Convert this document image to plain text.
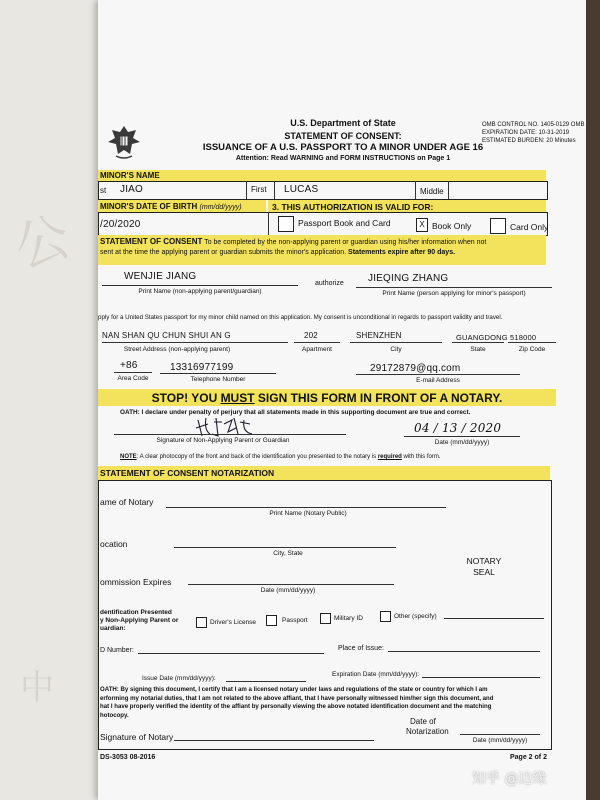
公
中
U.S. Department of State
STATEMENT OF CONSENT:
ISSUANCE OF A U.S. PASSPORT TO A MINOR UNDER AGE 16
Attention: Read WARNING and FORM INSTRUCTIONS on Page 1
OMB CONTROL NO. 1405-0129 OMB
EXPIRATION DATE: 10-31-2019
ESTIMATED BURDEN: 20 Minutes
MINOR'S NAME
st JIAO	First LUCAS	Middle
MINOR'S DATE OF BIRTH (mm/dd/yyyy)	3. THIS AUTHORIZATION IS VALID FOR:
/20/2020	Passport Book and Card	X Book Only	Card Only
STATEMENT OF CONSENT To be completed by the non-applying parent or guardian using his/her information when not
sent at the time the applying parent or guardian submits the minor's application. Statements expire after 90 days.
WENJIE JIANG
Print Name (non-applying parent/guardian)
authorize JIEQING ZHANG
Print Name (person applying for minor's passport)
pply for a United States passport for my minor child named on this application. My consent is unconditional in regards to passport validity and travel.
NAN SHAN QU CHUN SHUI AN G
Street Address (non-applying parent)
202
Apartment
SHENZHEN
City
GUANGDONG
State
518000
Zip Code
+86
Area Code
13316977199
Telephone Number
29172879@qq.com
E-mail Address
STOP! YOU MUST SIGN THIS FORM IN FRONT OF A NOTARY.
OATH: I declare under penalty of perjury that all statements made in this supporting document are true and correct.
Signature of Non-Applying Parent or Guardian
04 / 13 / 2020
Date (mm/dd/yyyy)
NOTE: A clear photocopy of the front and back of the identification you presented to the notary is required with this form.
STATEMENT OF CONSENT NOTARIZATION
ame of Notary
Print Name (Notary Public)
ocation
City, State
NOTARY
SEAL
ommission Expires
Date (mm/dd/yyyy)
dentification Presented
y Non-Applying Parent or
uardian:
Driver's License	Passport	Military ID	Other (specify)
D Number:	Place of Issue:
Issue Date (mm/dd/yyyy):
Expiration Date (mm/dd/yyyy):
OATH: By signing this document, I certify that I am a licensed notary under laws and regulations of the state or country for which I am
erforming my notarial duties, that I am not related to the above affiant, that I have personally witnessed him/her sign this document, and
hat I have properly verified the identity of the affiant by personally viewing the above notated identification document and the matching
hotocopy.
Signature of Notary
Date of
Notarization
Date (mm/dd/yyyy)
DS-3053 08-2016	Page 2 of 2
知乎 @边缘
